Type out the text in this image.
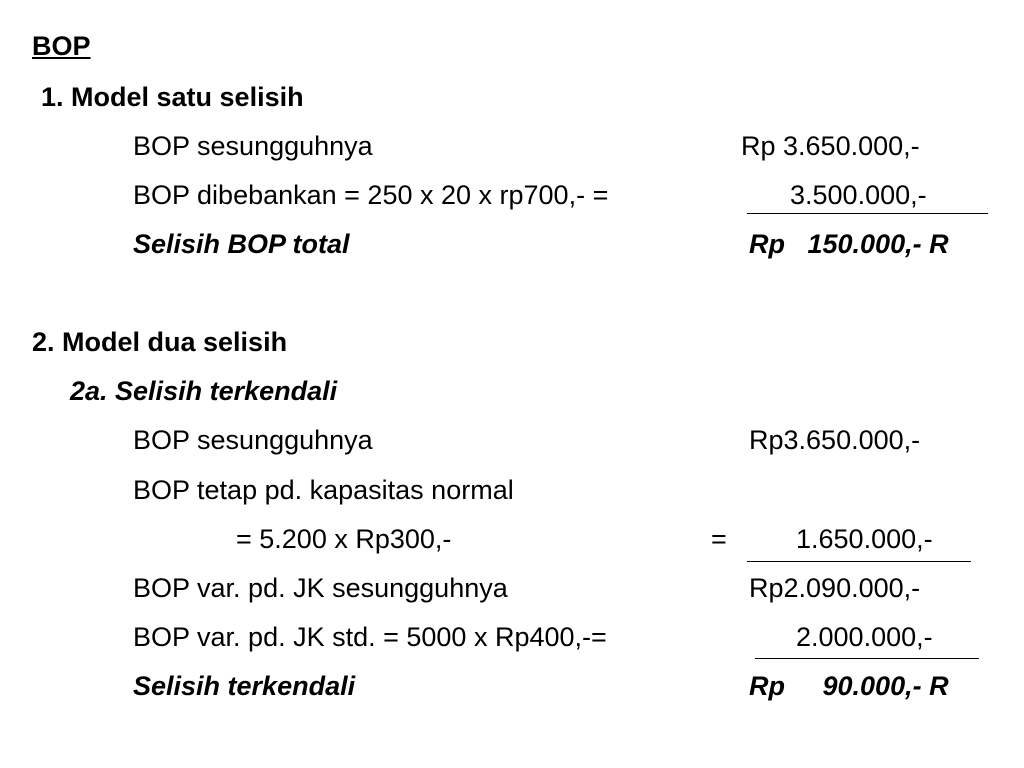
BOP
1. Model satu selisih
BOP sesungguhnya	Rp 3.650.000,-
BOP dibebankan = 250 x 20 x rp700,- =	3.500.000,-
Selisih BOP total	Rp   150.000,- R
2. Model dua selisih
2a. Selisih terkendali
BOP sesungguhnya	Rp3.650.000,-
BOP tetap pd. kapasitas normal
= 5.200 x Rp300,-	=	1.650.000,-
BOP var. pd. JK sesungguhnya	Rp2.090.000,-
BOP var. pd. JK std. = 5000 x Rp400,-=	2.000.000,-
Selisih terkendali	Rp     90.000,- R
